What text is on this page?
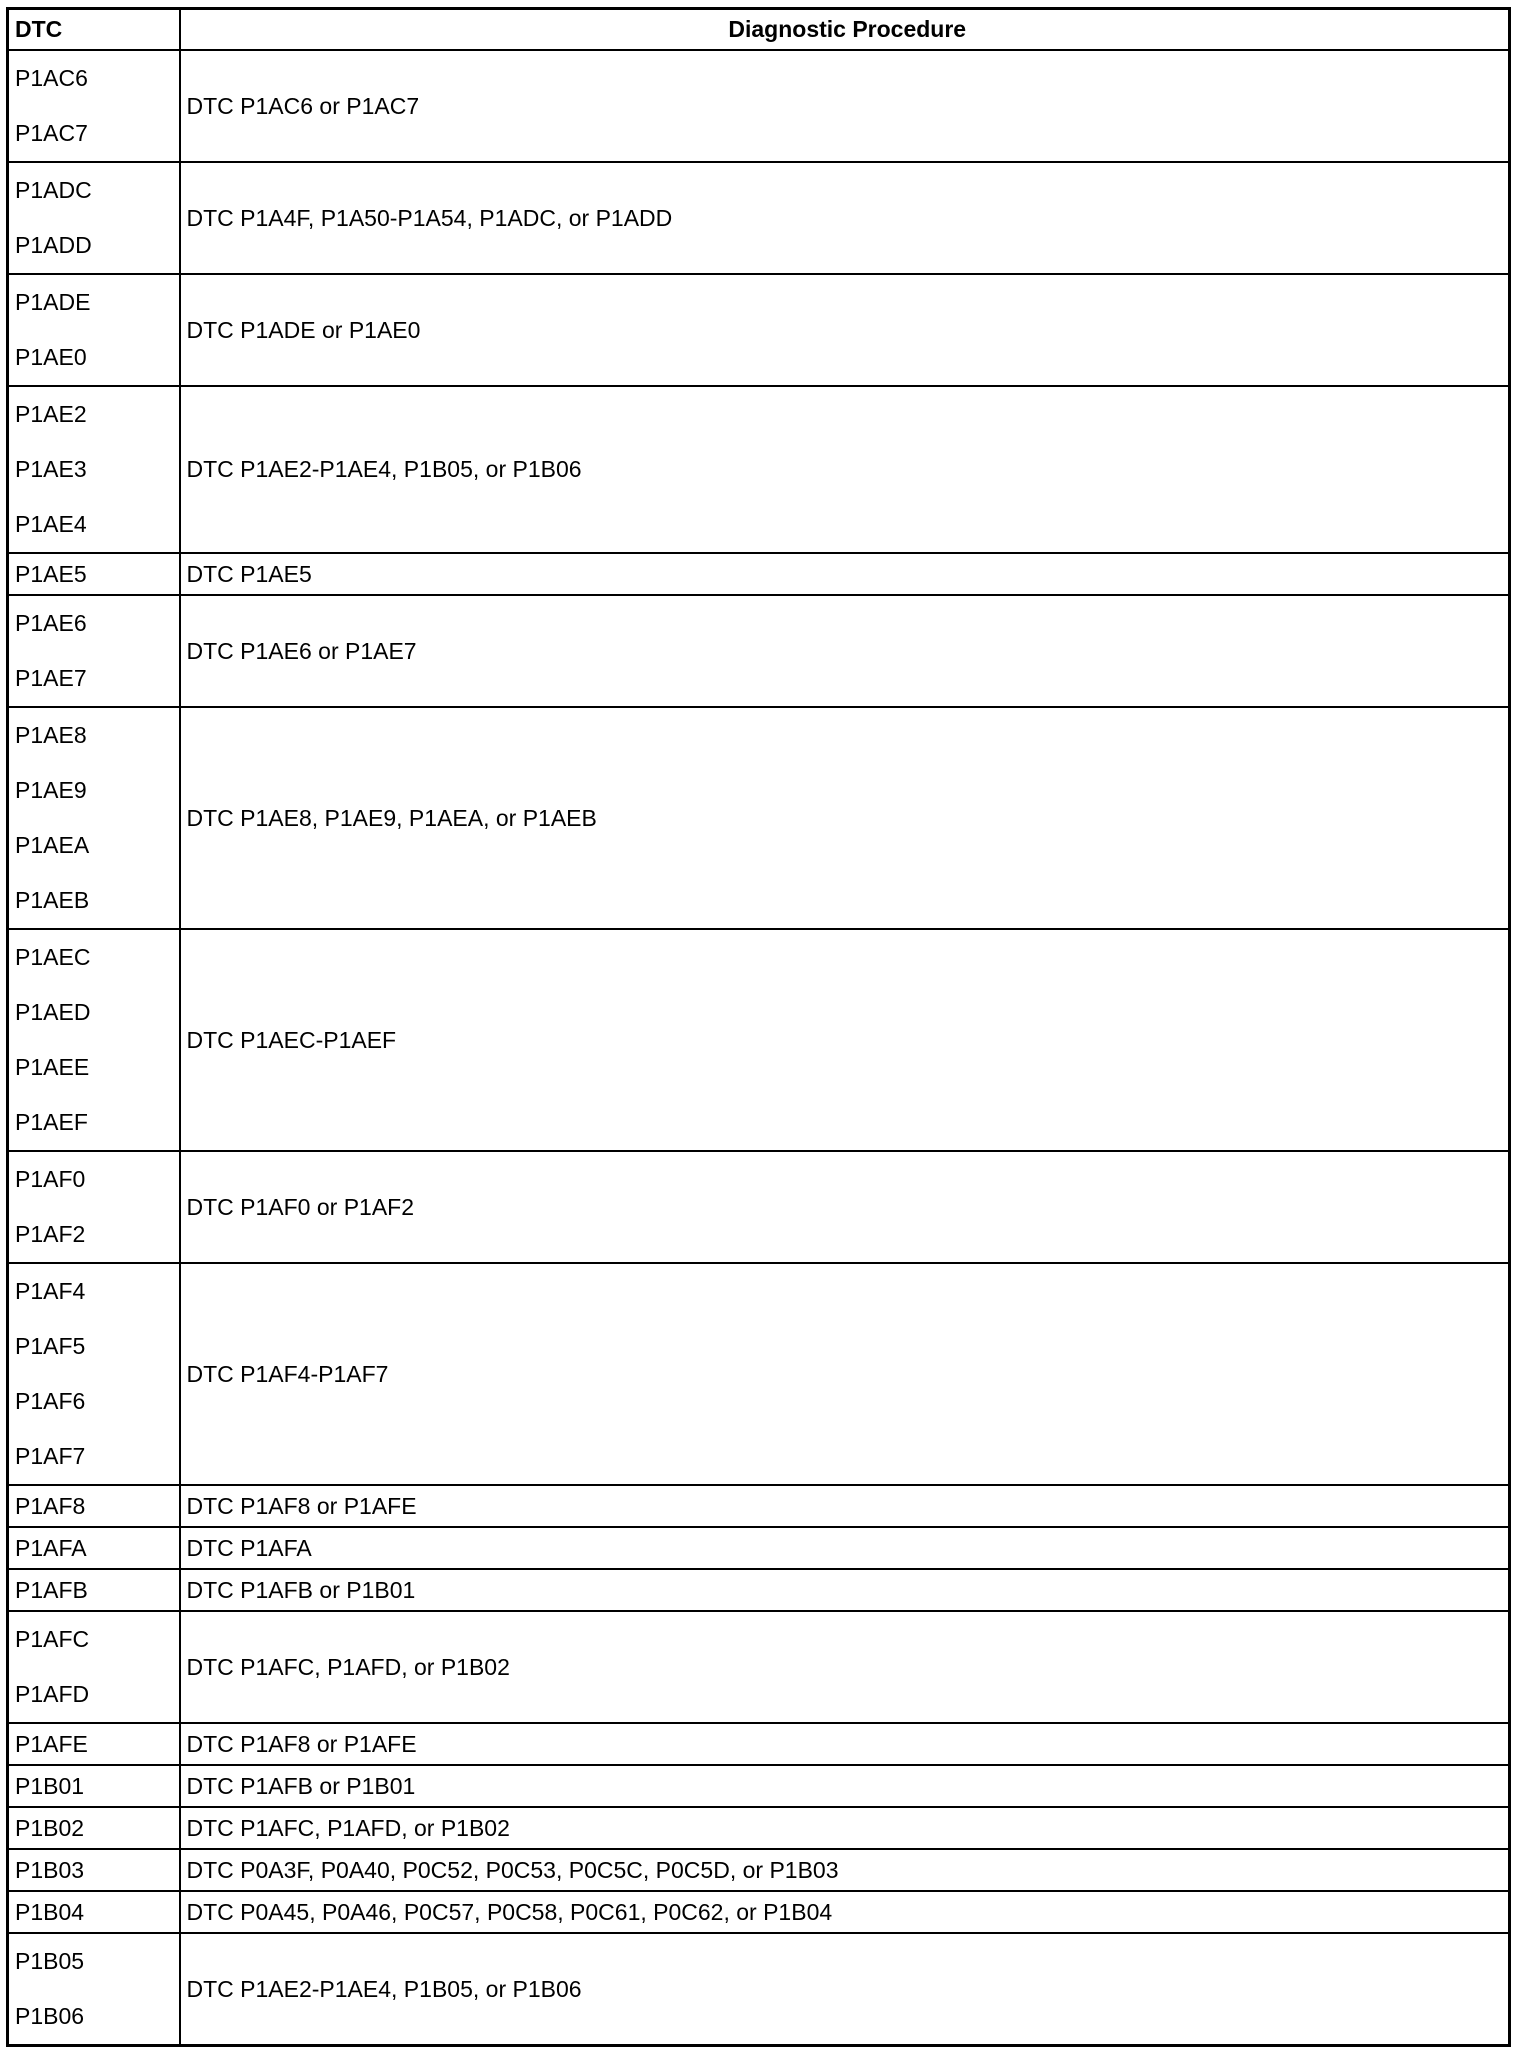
DTC	Diagnostic Procedure

P1AC6
P1AC7	DTC P1AC6 or P1AC7

P1ADC
P1ADD	DTC P1A4F, P1A50-P1A54, P1ADC, or P1ADD

P1ADE
P1AE0	DTC P1ADE or P1AE0

P1AE2
P1AE3
P1AE4	DTC P1AE2-P1AE4, P1B05, or P1B06

P1AE5	DTC P1AE5

P1AE6
P1AE7	DTC P1AE6 or P1AE7

P1AE8
P1AE9
P1AEA
P1AEB	DTC P1AE8, P1AE9, P1AEA, or P1AEB

P1AEC
P1AED
P1AEE
P1AEF	DTC P1AEC-P1AEF

P1AF0
P1AF2	DTC P1AF0 or P1AF2

P1AF4
P1AF5
P1AF6
P1AF7	DTC P1AF4-P1AF7

P1AF8	DTC P1AF8 or P1AFE

P1AFA	DTC P1AFA

P1AFB	DTC P1AFB or P1B01

P1AFC
P1AFD	DTC P1AFC, P1AFD, or P1B02

P1AFE	DTC P1AF8 or P1AFE

P1B01	DTC P1AFB or P1B01

P1B02	DTC P1AFC, P1AFD, or P1B02

P1B03	DTC P0A3F, P0A40, P0C52, P0C53, P0C5C, P0C5D, or P1B03

P1B04	DTC P0A45, P0A46, P0C57, P0C58, P0C61, P0C62, or P1B04

P1B05
P1B06	DTC P1AE2-P1AE4, P1B05, or P1B06
